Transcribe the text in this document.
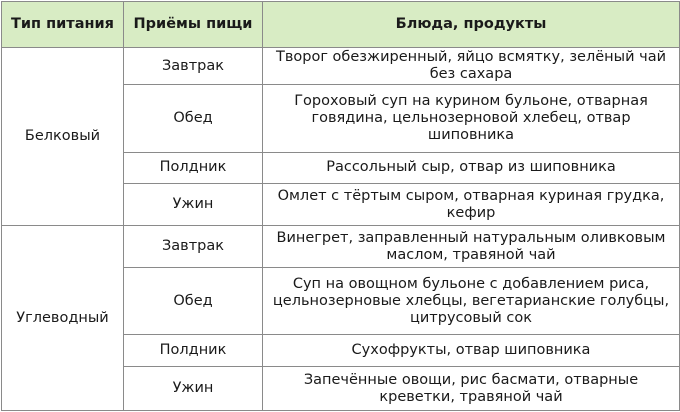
Тип питания	Приёмы пищи	Блюда, продукты
Белковый	Завтрак	Творог обезжиренный, яйцо всмятку, зелёный чай без сахара
	Обед	Гороховый суп на курином бульоне, отварная говядина, цельнозерновой хлебец, отвар шиповника
	Полдник	Рассольный сыр, отвар из шиповника
	Ужин	Омлет с тёртым сыром, отварная куриная грудка, кефир
Углеводный	Завтрак	Винегрет, заправленный натуральным оливковым маслом, травяной чай
	Обед	Суп на овощном бульоне с добавлением риса, цельнозерновые хлебцы, вегетарианские голубцы, цитрусовый сок
	Полдник	Сухофрукты, отвар шиповника
	Ужин	Запечённые овощи, рис басмати, отварные креветки, травяной чай
